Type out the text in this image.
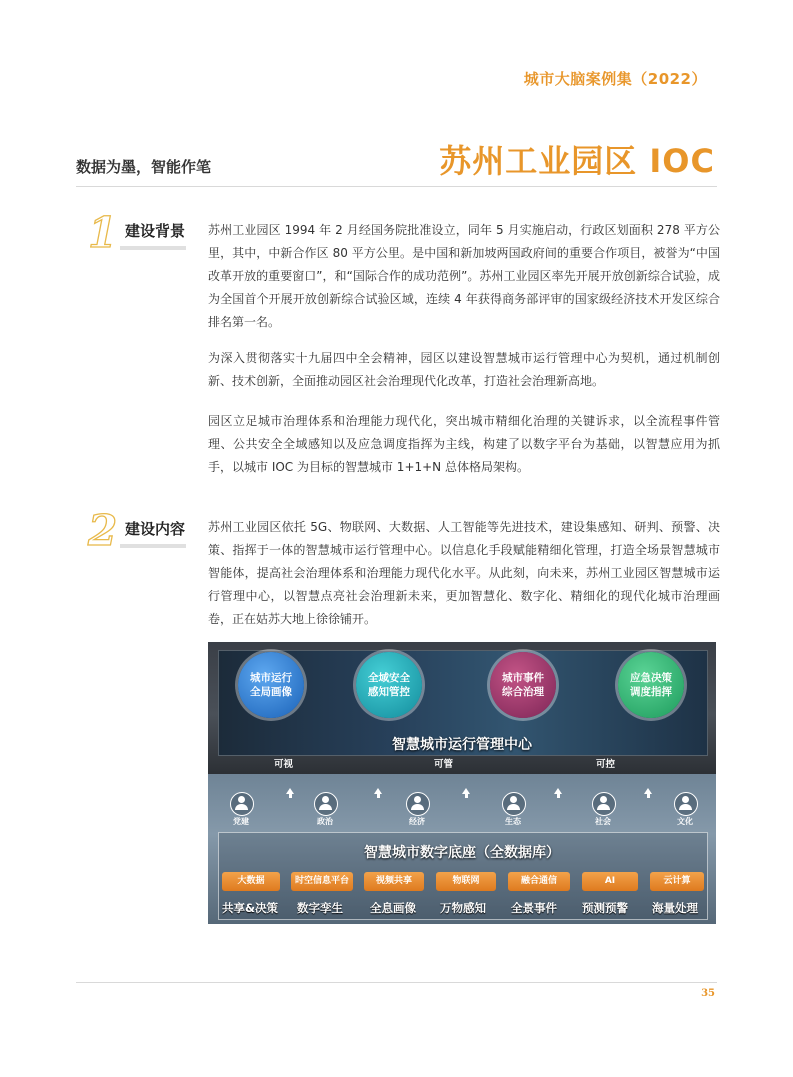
城市大脑案例集（2022）
数据为墨，智能作笔	苏州工业园区 IOC
1 建设背景 苏州工业园区 1994 年 2 月经国务院批准设立，同年 5 月实施启动，行政区划面积 278 平方公里，其中，中新合作区 80 平方公里。是中国和新加坡两国政府间的重要合作项目，被誉为“中国改革开放的重要窗口”，和“国际合作的成功范例”。苏州工业园区率先开展开放创新综合试验，成为全国首个开展开放创新综合试验区域，连续 4 年获得商务部评审的国家级经济技术开发区综合排名第一名。

为深入贯彻落实十九届四中全会精神，园区以建设智慧城市运行管理中心为契机，通过机制创新、技术创新，全面推动园区社会治理现代化改革，打造社会治理新高地。

园区立足城市治理体系和治理能力现代化，突出城市精细化治理的关键诉求，以全流程事件管理、公共安全全域感知以及应急调度指挥为主线，构建了以数字平台为基础，以智慧应用为抓手，以城市 IOC 为目标的智慧城市 1+1+N 总体格局架构。

2 建设内容 苏州工业园区依托 5G、物联网、大数据、人工智能等先进技术，建设集感知、研判、预警、决策、指挥于一体的智慧城市运行管理中心。以信息化手段赋能精细化管理，打造全场景智慧城市智能体，提高社会治理体系和治理能力现代化水平。从此刻，向未来，苏州工业园区智慧城市运行管理中心，以智慧点亮社会治理新未来，更加智慧化、数字化、精细化的现代化城市治理画卷，正在姑苏大地上徐徐铺开。

城市运行
全局画像
全域安全
感知管控
城市事件
综合治理
应急决策
调度指挥
智慧城市运行管理中心
可视	可管	可控
党建	政治	经济	生态	社会	文化
智慧城市数字底座（全数据库）
大数据	时空信息平台	视频共享	物联网	融合通信	AI	云计算
共享&决策 数字孪生 全息画像 万物感知 全景事件 预测预警 海量处理
35
